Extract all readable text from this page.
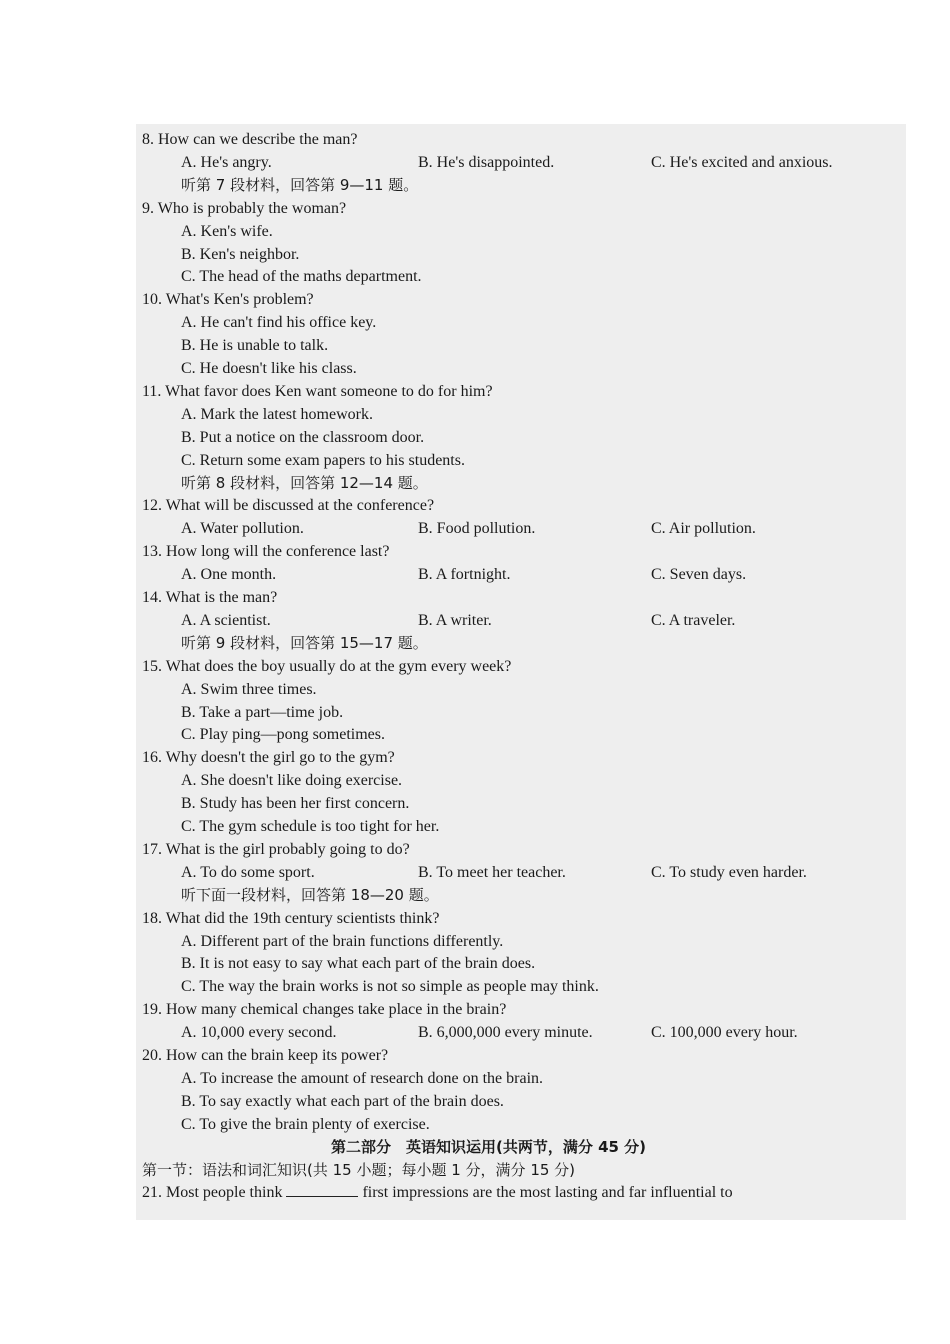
8. How can we describe the man?
A. He's angry.	B. He's disappointed.	C. He's excited and anxious.
听第 7 段材料，回答第 9—11 题。
9. Who is probably the woman?
A. Ken's wife.
B. Ken's neighbor.
C. The head of the maths department.
10. What's Ken's problem?
A. He can't find his office key.
B. He is unable to talk.
C. He doesn't like his class.
11. What favor does Ken want someone to do for him?
A. Mark the latest homework.
B. Put a notice on the classroom door.
C. Return some exam papers to his students.
听第 8 段材料，回答第 12—14 题。
12. What will be discussed at the conference?
A. Water pollution.	B. Food pollution.	C. Air pollution.
13. How long will the conference last?
A. One month.	B. A fortnight.	C. Seven days.
14. What is the man?
A. A scientist.	B. A writer.	C. A traveler.
听第 9 段材料，回答第 15—17 题。
15. What does the boy usually do at the gym every week?
A. Swim three times.
B. Take a part—time job.
C. Play ping—pong sometimes.
16. Why doesn't the girl go to the gym?
A. She doesn't like doing exercise.
B. Study has been her first concern.
C. The gym schedule is too tight for her.
17. What is the girl probably going to do?
A. To do some sport.	B. To meet her teacher.	C. To study even harder.
听下面一段材料，回答第 18—20 题。
18. What did the 19th century scientists think?
A. Different part of the brain functions differently.
B. It is not easy to say what each part of the brain does.
C. The way the brain works is not so simple as people may think.
19. How many chemical changes take place in the brain?
A. 10,000 every second.	B. 6,000,000 every minute.	C. 100,000 every hour.
20. How can the brain keep its power?
A. To increase the amount of research done on the brain.
B. To say exactly what each part of the brain does.
C. To give the brain plenty of exercise.
第二部分　英语知识运用(共两节，满分 45 分)
第一节：语法和词汇知识(共 15 小题；每小题 1 分，满分 15 分)
21. Most people think	first impressions are the most lasting and far influential to
